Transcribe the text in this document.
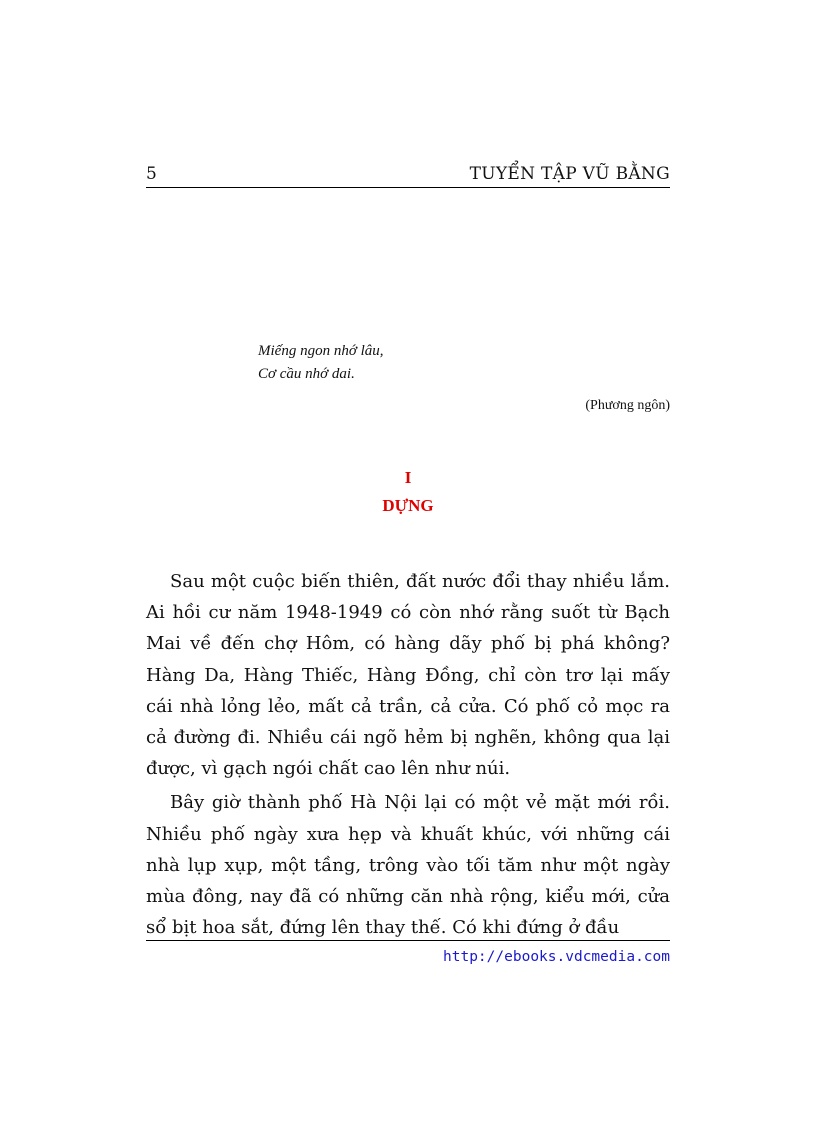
5	TUYỂN TẬP VŨ BẰNG
Miếng ngon nhớ lâu,
Cơ cầu nhớ dai.
(Phương ngôn)
I
DỰNG

Sau một cuộc biến thiên, đất nước đổi thay nhiều lắm. Ai hồi cư năm 1948-1949 có còn nhớ rằng suốt từ Bạch Mai về đến chợ Hôm, có hàng dãy phố bị phá không? Hàng Da, Hàng Thiếc, Hàng Đồng, chỉ còn trơ lại mấy cái nhà lỏng lẻo, mất cả trần, cả cửa. Có phố cỏ mọc ra cả đường đi. Nhiều cái ngõ hẻm bị nghẽn, không qua lại được, vì gạch ngói chất cao lên như núi.

Bây giờ thành phố Hà Nội lại có một vẻ mặt mới rồi. Nhiều phố ngày xưa hẹp và khuất khúc, với những cái nhà lụp xụp, một tầng, trông vào tối tăm như một ngày mùa đông, nay đã có những căn nhà rộng, kiểu mới, cửa sổ bịt hoa sắt, đứng lên thay thế. Có khi đứng ở đầu

http://ebooks.vdcmedia.com
